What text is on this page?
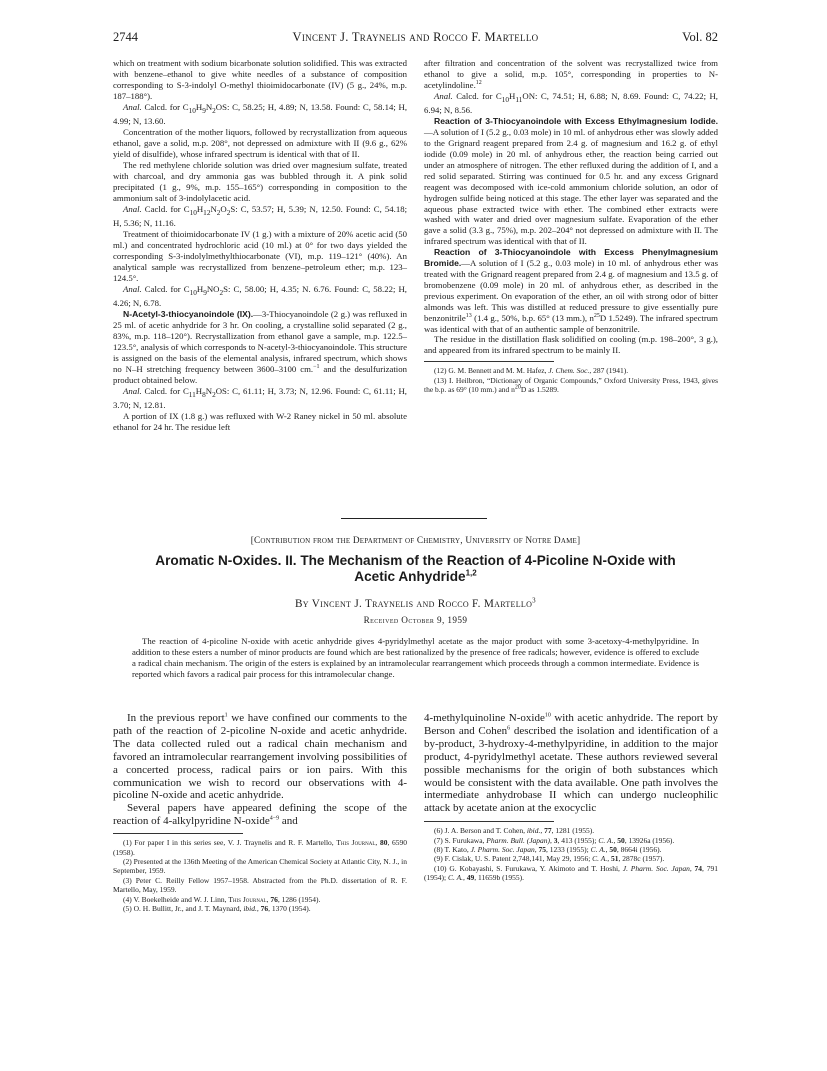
2744	Vincent J. Traynelis and Rocco F. Martello	Vol. 82

which on treatment with sodium bicarbonate solution solidified. This was extracted with benzene–ethanol to give white needles of a substance of composition corresponding to S-3-indolyl O-methyl thioimidocarbonate (IV) (5 g., 24%, m.p. 187–188°).

Anal. Calcd. for $C_{10}H_9N_2OS$: C, 58.25; H, 4.89; N, 13.58. Found: C, 58.14; H, 4.99; N, 13.60.

Concentration of the mother liquors, followed by recrystallization from aqueous ethanol, gave a solid, m.p. 208°, not depressed on admixture with II (9.6 g., 62% yield of disulfide), whose infrared spectrum is identical with that of II.

The red methylene chloride solution was dried over magnesium sulfate, treated with charcoal, and dry ammonia gas was bubbled through it. A pink solid precipitated (1 g., 9%, m.p. 155–165°) corresponding in composition to the ammonium salt of 3-indolylacetic acid.

Anal. Cacld. for $C_{10}H_{12}N_2O_2S$: C, 53.57; H, 5.39; N, 12.50. Found: C, 54.18; H, 5.36; N, 11.16.

Treatment of thioimidocarbonate IV (1 g.) with a mixture of 20% acetic acid (50 ml.) and concentrated hydrochloric acid (10 ml.) at 0° for two days yielded the corresponding S-3-indolylmethylthiocarbonate (VI), m.p. 119–121° (40%). An analytical sample was recrystallized from benzene–petroleum ether; m.p. 123–124.5°.

Anal. Calcd. for $C_{10}H_9NO_2S$: C, 58.00; H, 4.35; N. 6.76. Found: C, 58.22; H, 4.26; N, 6.78.

N-Acetyl-3-thiocyanoindole (IX).—3-Thiocyanoindole (2 g.) was refluxed in 25 ml. of acetic anhydride for 3 hr. On cooling, a crystalline solid separated (2 g., 83%, m.p. 118–120°). Recrystallization from ethanol gave a sample, m.p. 122.5–123.5°, analysis of which corresponds to N-acetyl-3-thiocyanoindole. This structure is assigned on the basis of the elemental analysis, infrared spectrum, which shows no N–H stretching frequency between 3600–3100 cm.$^{-1}$ and the desulfurization product obtained below.

Anal. Calcd. for $C_{11}H_8N_2OS$: C, 61.11; H, 3.73; N, 12.96. Found: C, 61.11; H, 3.70; N, 12.81.

A portion of IX (1.8 g.) was refluxed with W-2 Raney nickel in 50 ml. absolute ethanol for 24 hr. The residue left

after filtration and concentration of the solvent was recrystallized twice from ethanol to give a solid, m.p. 105°, corresponding in properties to N-acetylindoline.$^{12}$

Anal. Calcd. for $C_{10}H_{11}ON$: C, 74.51; H, 6.88; N, 8.69. Found: C, 74.22; H, 6.94; N, 8.56.

Reaction of 3-Thiocyanoindole with Excess Ethylmagnesium Iodide.—A solution of I (5.2 g., 0.03 mole) in 10 ml. of anhydrous ether was slowly added to the Grignard reagent prepared from 2.4 g. of magnesium and 16.2 g. of ethyl iodide (0.09 mole) in 20 ml. of anhydrous ether, the reaction being carried out under an atmosphere of nitrogen. The ether refluxed during the addition of I, and a red solid separated. Stirring was continued for 0.5 hr. and any excess Grignard reagent was decomposed with ice-cold ammonium chloride solution, an odor of hydrogen sulfide being noticed at this stage. The ether layer was separated and the aqueous phase extracted twice with ether. The combined ether extracts were washed with water and dried over magnesium sulfate. Evaporation of the ether gave a solid (3.3 g., 75%), m.p. 202–204° not depressed on admixture with II. The infrared spectrum was identical with that of II.

Reaction of 3-Thiocyanoindole with Excess Phenylmagnesium Bromide.—A solution of I (5.2 g., 0.03 mole) in 10 ml. of anhydrous ether was treated with the Grignard reagent prepared from 2.4 g. of magnesium and 13.5 g. of bromobenzene (0.09 mole) in 20 ml. of anhydrous ether, as described in the previous experiment. On evaporation of the ether, an oil with strong odor of bitter almonds was left. This was distilled at reduced pressure to give essentially pure benzonitrile$^{13}$ (1.4 g., 50%, b.p. 65° (13 mm.), $n^{25}D$ 1.5249). The infrared spectrum was identical with that of an authentic sample of benzonitrile.

The residue in the distillation flask solidified on cooling (m.p. 198–200°, 3 g.), and appeared from its infrared spectrum to be mainly II.

(12) G. M. Bennett and M. M. Hafez, J. Chem. Soc., 287 (1941).

(13) I. Heilbron, “Dictionary of Organic Compounds,” Oxford University Press, 1943, gives the b.p. as 69° (10 mm.) and $n^{20}D$ as 1.5289.

[Contribution from the Department of Chemistry, University of Notre Dame]
Aromatic N-Oxides. II. The Mechanism of the Reaction of 4-Picoline N-Oxide with
Acetic Anhydride$^{1,2}$
By Vincent J. Traynelis and Rocco F. Martello$^3$
Received October 9, 1959
The reaction of 4-picoline N-oxide with acetic anhydride gives 4-pyridylmethyl acetate as the major product with some 3-acetoxy-4-methylpyridine. In addition to these esters a number of minor products are found which are best rationalized by the presence of free radicals; however, evidence is offered to exclude a radical chain mechanism. The origin of the esters is explained by an intramolecular rearrangement which proceeds through a common intermediate. Evidence is reported which favors a radical pair process for this intramolecular change.

In the previous report$^1$ we have confined our comments to the path of the reaction of 2-picoline N-oxide and acetic anhydride. The data collected ruled out a radical chain mechanism and favored an intramolecular rearrangement involving possibilities of a concerted process, radical pairs or ion pairs. With this communication we wish to record our observations with 4-picoline N-oxide and acetic anhydride.

Several papers have appeared defining the scope of the reaction of 4-alkylpyridine N-oxide$^{4-9}$ and

(1) For paper I in this series see, V. J. Traynelis and R. F. Martello, This Journal, 80, 6590 (1958).

(2) Presented at the 136th Meeting of the American Chemical Society at Atlantic City, N. J., in September, 1959.

(3) Peter C. Reilly Fellow 1957–1958. Abstracted from the Ph.D. dissertation of R. F. Martello, May, 1959.

(4) V. Boekelheide and W. J. Linn, This Journal, 76, 1286 (1954).

(5) O. H. Bullitt, Jr., and J. T. Maynard, ibid., 76, 1370 (1954).

4-methylquinoline N-oxide$^{10}$ with acetic anhydride. The report by Berson and Cohen$^6$ described the isolation and identification of a by-product, 3-hydroxy-4-methylpyridine, in addition to the major product, 4-pyridylmethyl acetate. These authors reviewed several possible mechanisms for the origin of both substances which would be consistent with the data available. One path involves the intermediate anhydrobase II which can undergo nucleophilic attack by acetate anion at the exocyclic

(6) J. A. Berson and T. Cohen, ibid., 77, 1281 (1955).

(7) S. Furukawa, Pharm. Bull. (Japan), 3, 413 (1955); C. A., 50, 13926a (1956).

(8) T. Kato, J. Pharm. Soc. Japan, 75, 1233 (1955); C. A., 50, 8664i (1956).

(9) F. Cislak, U. S. Patent 2,748,141, May 29, 1956; C. A., 51, 2878c (1957).

(10) G. Kobayashi, S. Furukawa, Y. Akimoto and T. Hoshi, J. Pharm. Soc. Japan, 74, 791 (1954); C. A., 49, 11659b (1955).
